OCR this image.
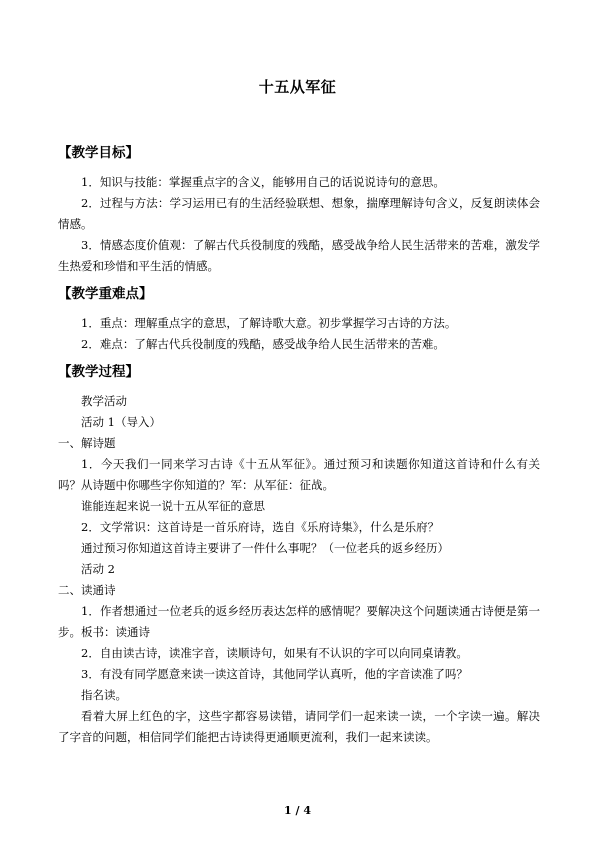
十五从军征
【教学目标】

1．知识与技能：掌握重点字的含义，能够用自己的话说说诗句的意思。

2．过程与方法：学习运用已有的生活经验联想、想象，揣摩理解诗句含义，反复朗读体会情感。

3．情感态度价值观：了解古代兵役制度的残酷，感受战争给人民生活带来的苦难，激发学生热爱和珍惜和平生活的情感。

【教学重难点】

1．重点：理解重点字的意思，了解诗歌大意。初步掌握学习古诗的方法。

2．难点：了解古代兵役制度的残酷，感受战争给人民生活带来的苦难。

【教学过程】

教学活动

活动 1（导入）

一、解诗题

1．今天我们一同来学习古诗《十五从军征》。通过预习和读题你知道这首诗和什么有关吗？从诗题中你哪些字你知道的？军：从军征：征战。

谁能连起来说一说十五从军征的意思

2．文学常识：这首诗是一首乐府诗，选自《乐府诗集》，什么是乐府？

通过预习你知道这首诗主要讲了一件什么事呢？（一位老兵的返乡经历）

活动 2

二、读通诗

1．作者想通过一位老兵的返乡经历表达怎样的感情呢？要解决这个问题读通古诗便是第一步。板书：读通诗

2．自由读古诗，读准字音，读顺诗句，如果有不认识的字可以向同桌请教。

3．有没有同学愿意来读一读这首诗，其他同学认真听，他的字音读准了吗？

指名读。

看着大屏上红色的字，这些字都容易读错，请同学们一起来读一读，一个字读一遍。解决了字音的问题，相信同学们能把古诗读得更通顺更流利，我们一起来读读。

1 / 4
